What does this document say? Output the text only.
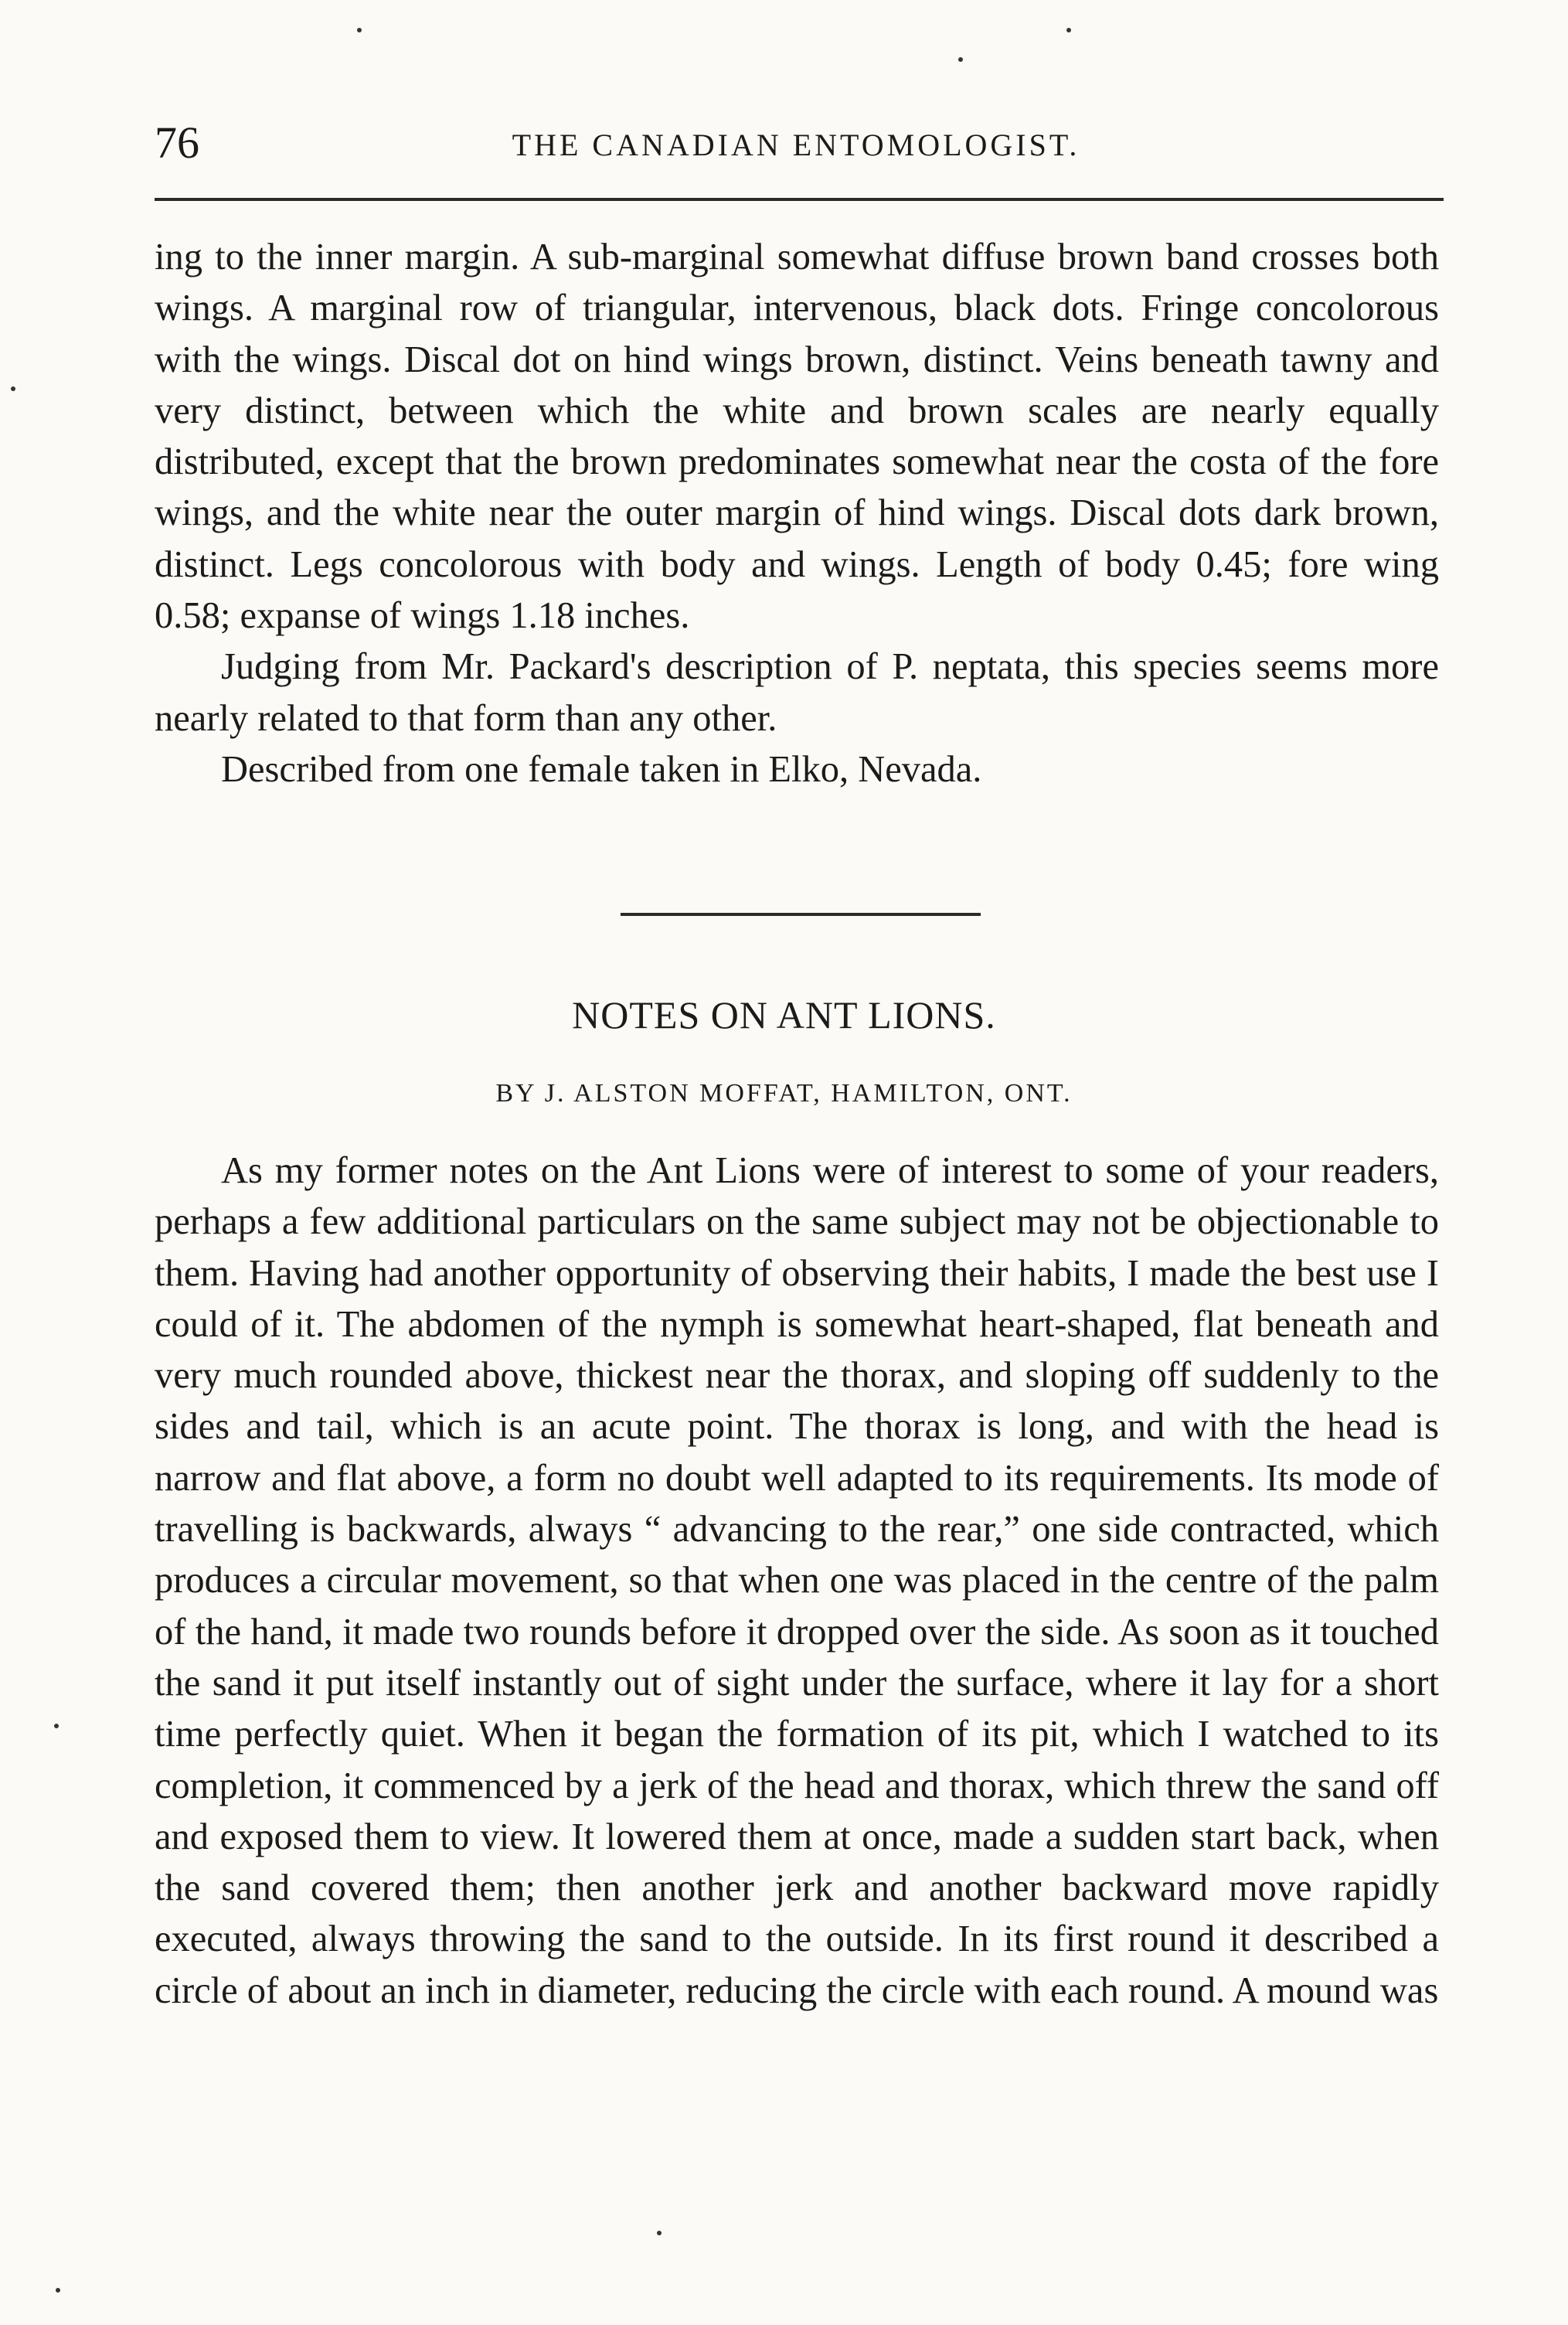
76	THE CANADIAN ENTOMOLOGIST.

ing to the inner margin. A sub-marginal somewhat diffuse brown band crosses both wings. A marginal row of triangular, intervenous, black dots. Fringe concolorous with the wings. Discal dot on hind wings brown, distinct. Veins beneath tawny and very distinct, between which the white and brown scales are nearly equally distributed, except that the brown predominates somewhat near the costa of the fore wings, and the white near the outer margin of hind wings. Discal dots dark brown, distinct. Legs concolorous with body and wings. Length of body 0.45; fore wing 0.58; expanse of wings 1.18 inches.

Judging from Mr. Packard's description of P. neptata, this species seems more nearly related to that form than any other.

Described from one female taken in Elko, Nevada.

NOTES ON ANT LIONS.
BY J. ALSTON MOFFAT, HAMILTON, ONT.

As my former notes on the Ant Lions were of interest to some of your readers, perhaps a few additional particulars on the same subject may not be objectionable to them. Having had another opportunity of observing their habits, I made the best use I could of it. The abdomen of the nymph is somewhat heart-shaped, flat beneath and very much rounded above, thickest near the thorax, and sloping off suddenly to the sides and tail, which is an acute point. The thorax is long, and with the head is narrow and flat above, a form no doubt well adapted to its requirements. Its mode of travelling is backwards, always “ advancing to the rear,” one side contracted, which produces a circular movement, so that when one was placed in the centre of the palm of the hand, it made two rounds before it dropped over the side. As soon as it touched the sand it put itself instantly out of sight under the surface, where it lay for a short time perfectly quiet. When it began the formation of its pit, which I watched to its completion, it commenced by a jerk of the head and thorax, which threw the sand off and exposed them to view. It lowered them at once, made a sudden start back, when the sand covered them; then another jerk and another backward move rapidly executed, always throwing the sand to the outside. In its first round it described a circle of about an inch in diameter, reducing the circle with each round. A mound was
